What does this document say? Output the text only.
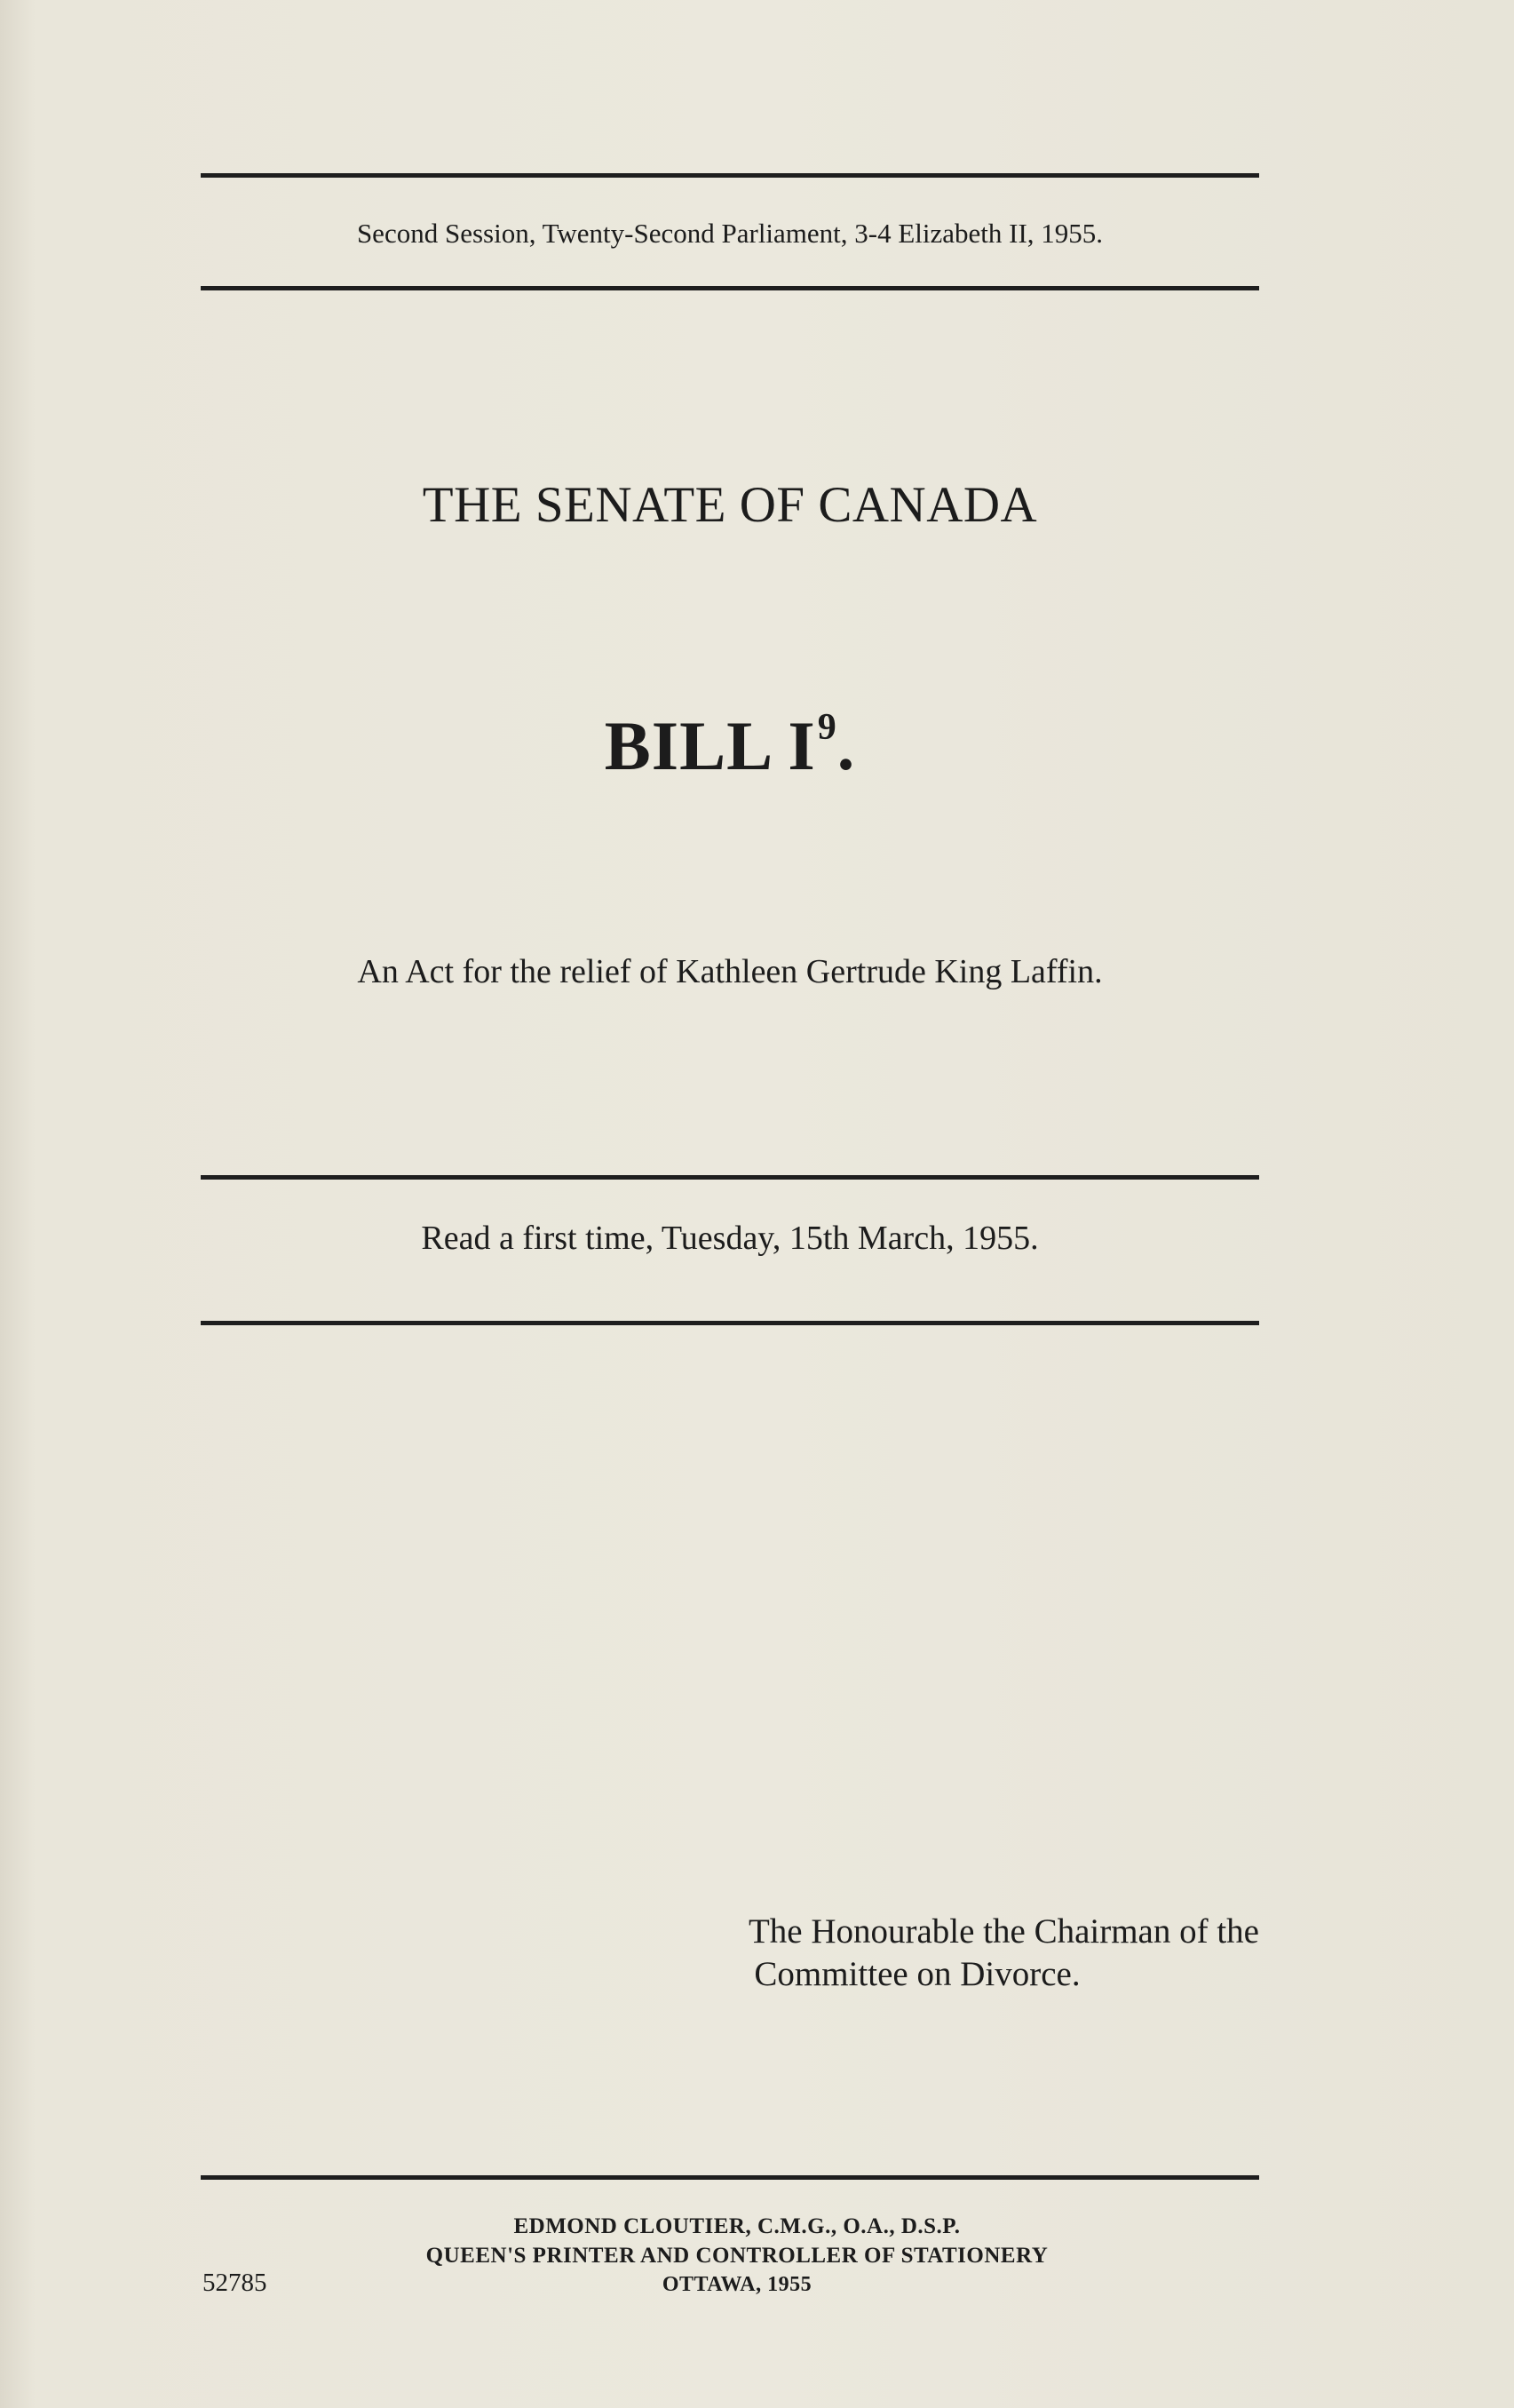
Second Session, Twenty-Second Parliament, 3-4 Elizabeth II, 1955.
THE SENATE OF CANADA
BILL $I^9$.
An Act for the relief of Kathleen Gertrude King Laffin.
Read a first time, Tuesday, 15th March, 1955.
The Honourable the Chairman of the
Committee on Divorce.
EDMOND CLOUTIER, C.M.G., O.A., D.S.P.
QUEEN'S PRINTER AND CONTROLLER OF STATIONERY
OTTAWA, 1955
52785
